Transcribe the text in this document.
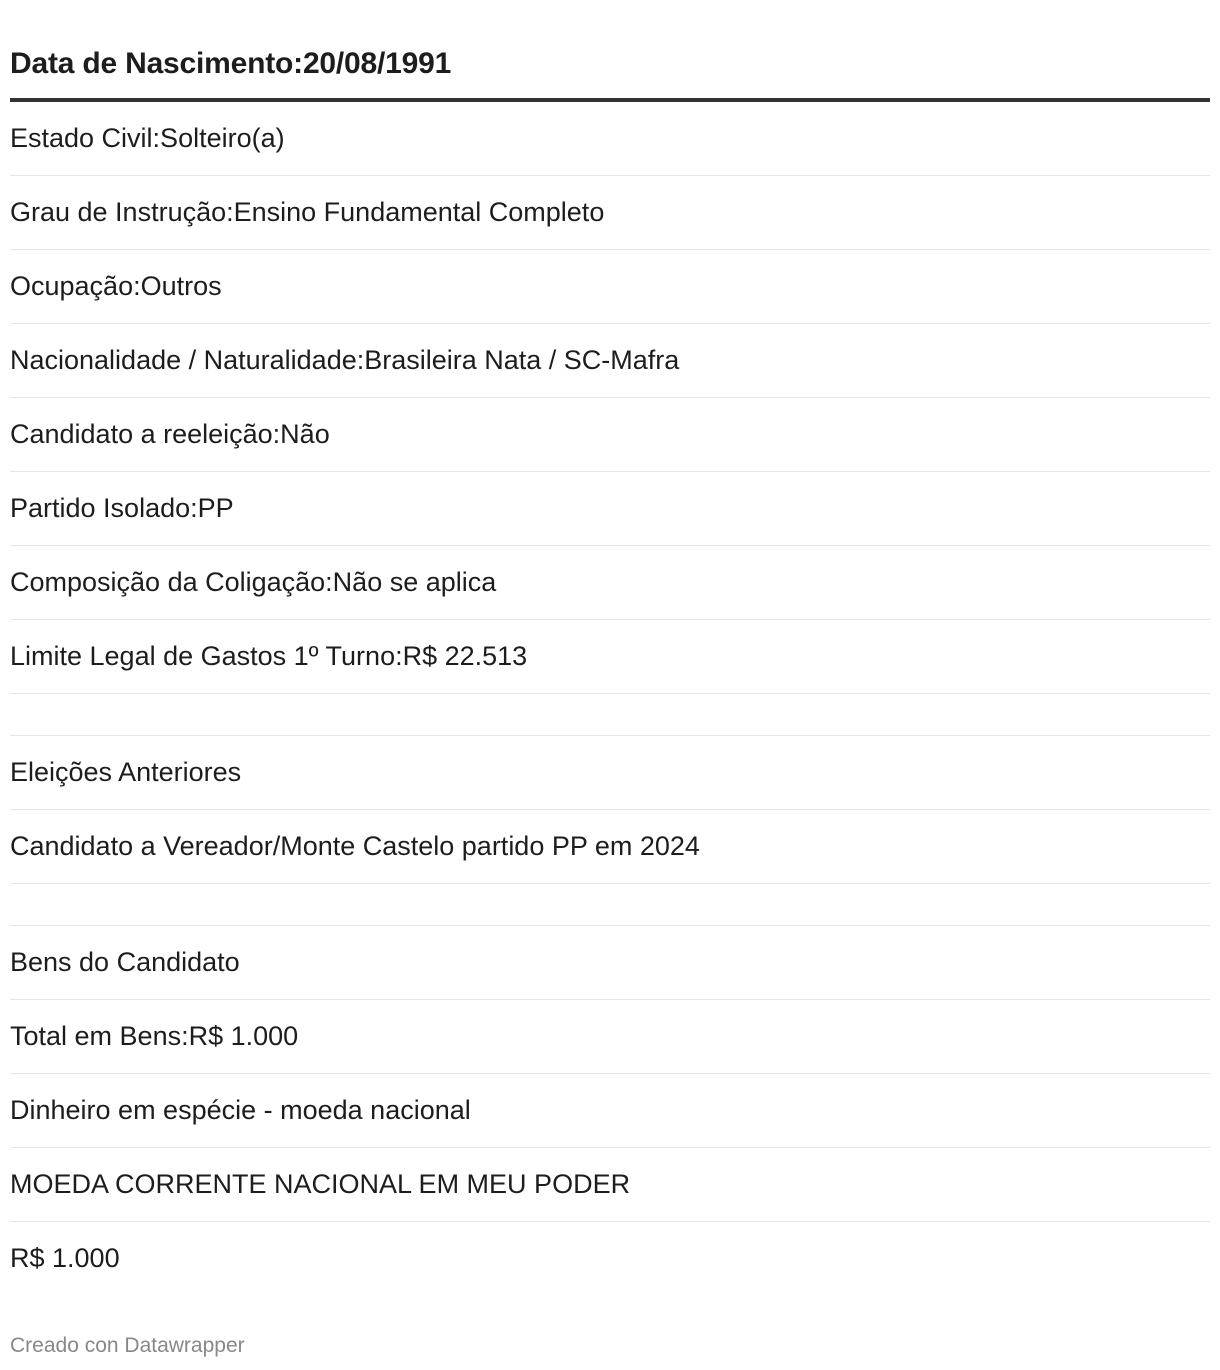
Data de Nascimento:20/08/1991
Estado Civil:Solteiro(a)
Grau de Instrução:Ensino Fundamental Completo
Ocupação:Outros
Nacionalidade / Naturalidade:Brasileira Nata / SC-Mafra
Candidato a reeleição:Não
Partido Isolado:PP
Composição da Coligação:Não se aplica
Limite Legal de Gastos 1º Turno:R$ 22.513
Eleições Anteriores
Candidato a Vereador/Monte Castelo partido PP em 2024
Bens do Candidato
Total em Bens:R$ 1.000
Dinheiro em espécie - moeda nacional
MOEDA CORRENTE NACIONAL EM MEU PODER
R$ 1.000
Creado con Datawrapper
